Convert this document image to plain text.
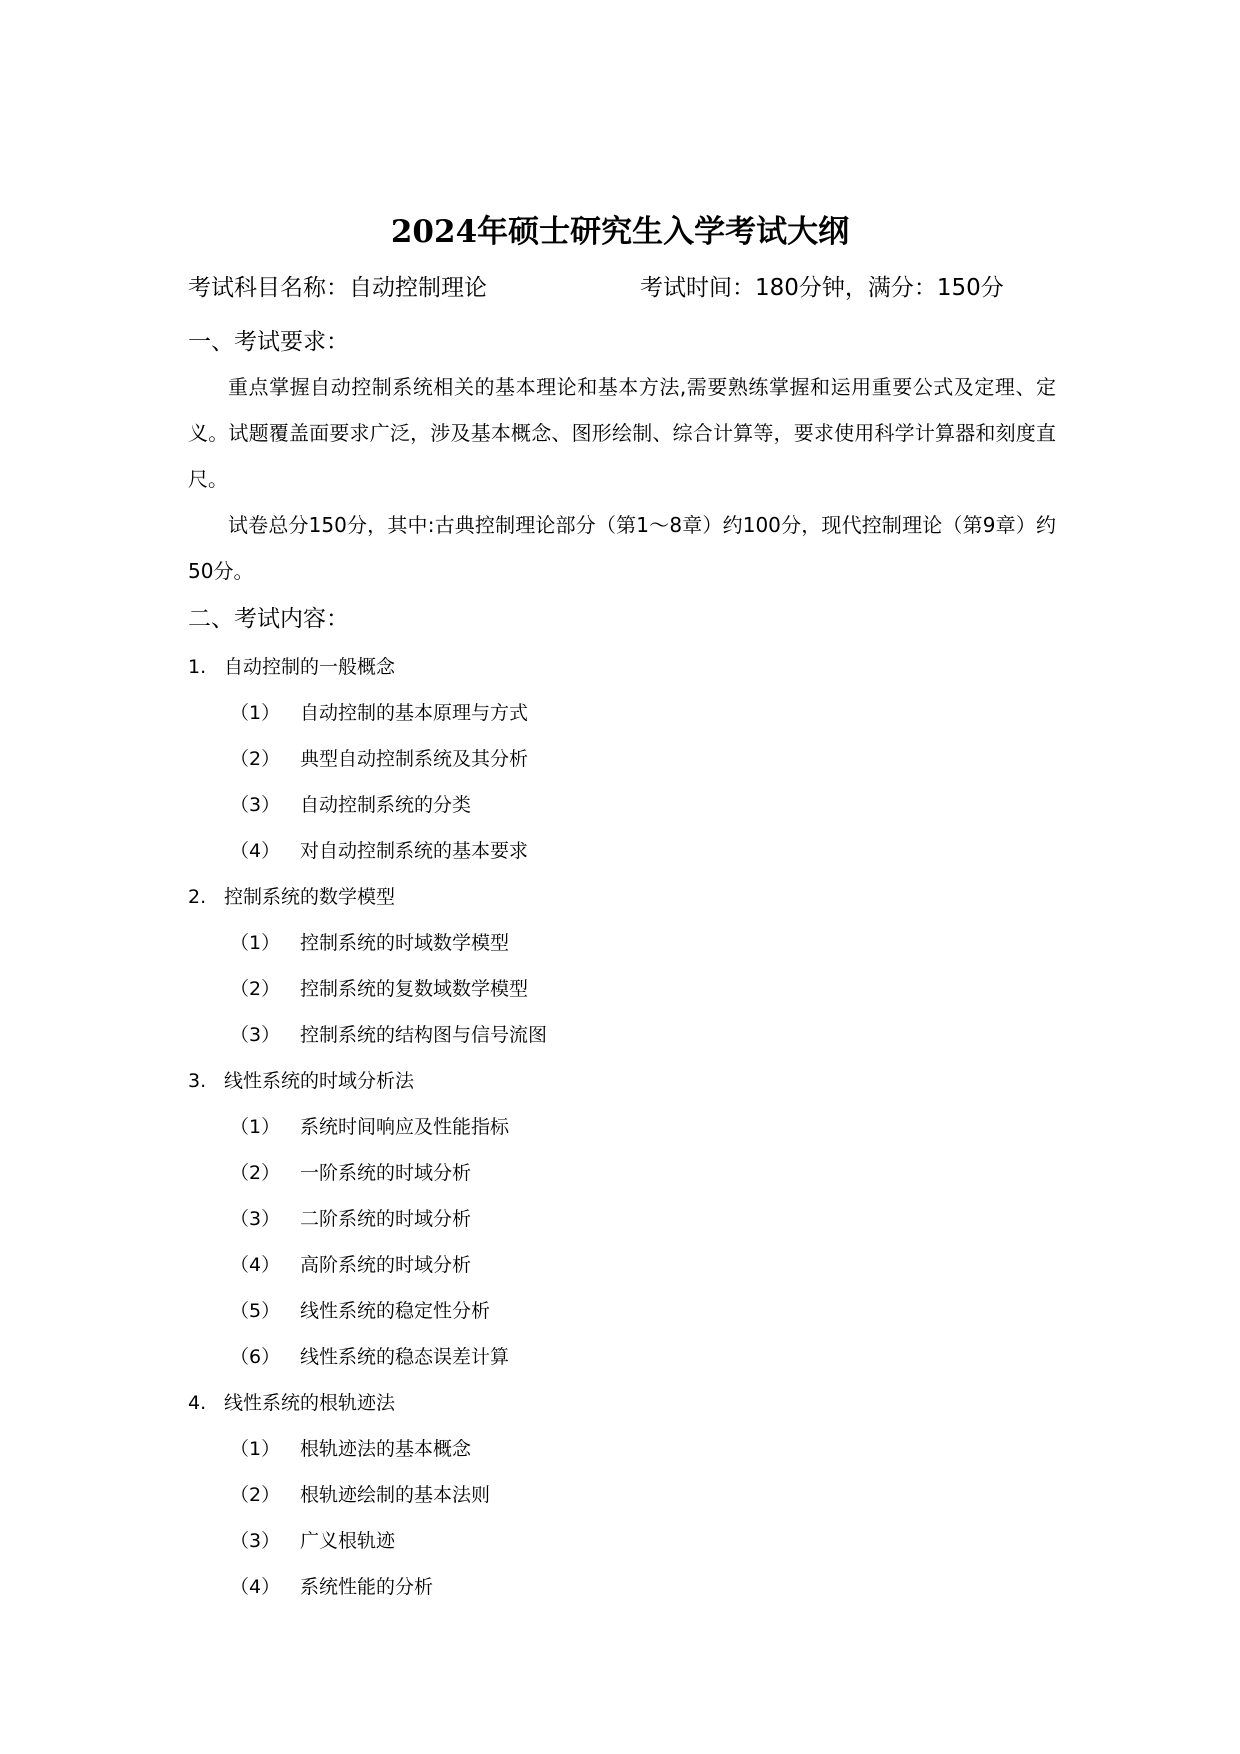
2024年硕士研究生入学考试大纲
考试科目名称：自动控制理论	考试时间：180分钟，满分：150分
一、考试要求：
重点掌握自动控制系统相关的基本理论和基本方法,需要熟练掌握和运用重要公式及定理、定义。试题覆盖面要求广泛，涉及基本概念、图形绘制、综合计算等，要求使用科学计算器和刻度直尺。
试卷总分150分，其中:古典控制理论部分（第1～8章）约100分，现代控制理论（第9章）约50分。
二、考试内容：
1. 自动控制的一般概念
（1） 自动控制的基本原理与方式
（2） 典型自动控制系统及其分析
（3） 自动控制系统的分类
（4） 对自动控制系统的基本要求
2. 控制系统的数学模型
（1） 控制系统的时域数学模型
（2） 控制系统的复数域数学模型
（3） 控制系统的结构图与信号流图
3. 线性系统的时域分析法
（1） 系统时间响应及性能指标
（2） 一阶系统的时域分析
（3） 二阶系统的时域分析
（4） 高阶系统的时域分析
（5） 线性系统的稳定性分析
（6） 线性系统的稳态误差计算
4. 线性系统的根轨迹法
（1） 根轨迹法的基本概念
（2） 根轨迹绘制的基本法则
（3） 广义根轨迹
（4） 系统性能的分析
